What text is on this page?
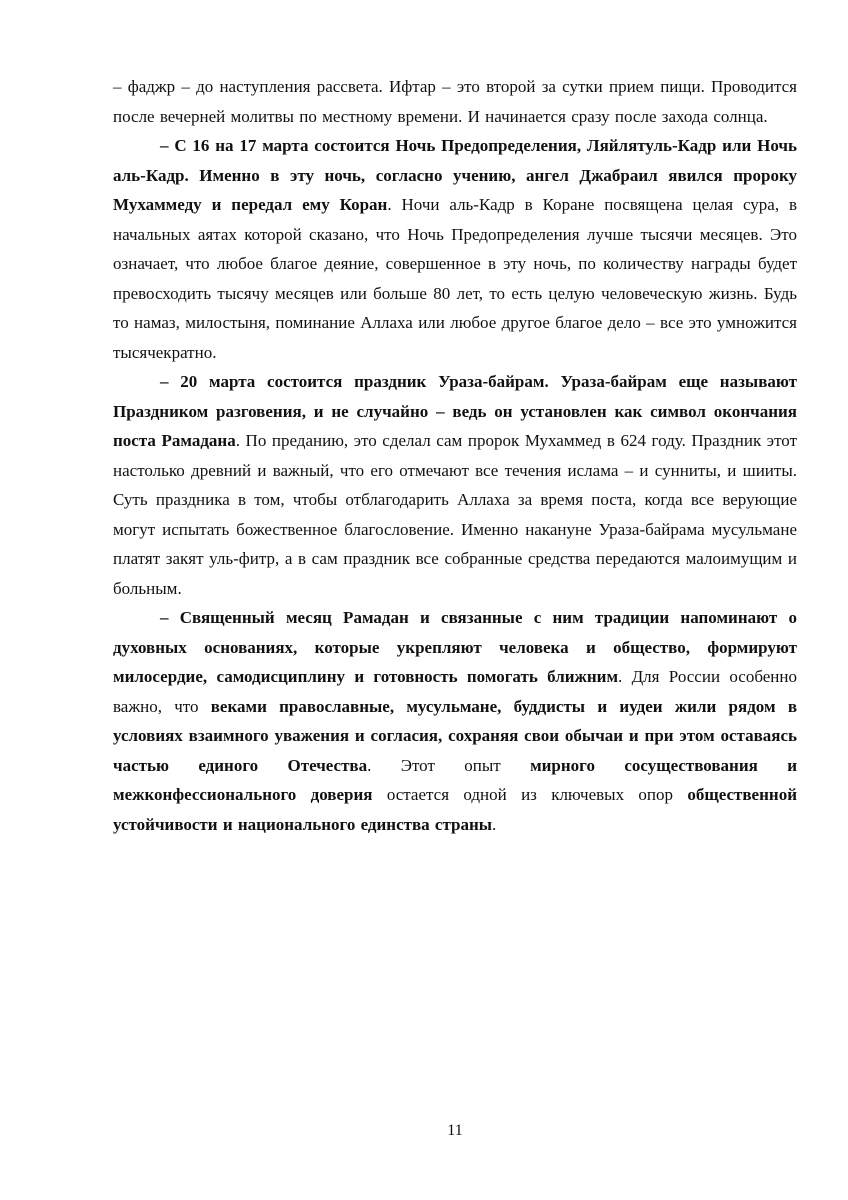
– фаджр – до наступления рассвета. Ифтар – это второй за сутки прием пищи. Проводится после вечерней молитвы по местному времени. И начинается сразу после захода солнца.

– С 16 на 17 марта состоится Ночь Предопределения, Ляйлятуль-Кадр или Ночь аль-Кадр. Именно в эту ночь, согласно учению, ангел Джабраил явился пророку Мухаммеду и передал ему Коран. Ночи аль-Кадр в Коране посвящена целая сура, в начальных аятах которой сказано, что Ночь Предопределения лучше тысячи месяцев. Это означает, что любое благое деяние, совершенное в эту ночь, по количеству награды будет превосходить тысячу месяцев или больше 80 лет, то есть целую человеческую жизнь. Будь то намаз, милостыня, поминание Аллаха или любое другое благое дело – все это умножится тысячекратно.

– 20 марта состоится праздник Ураза-байрам. Ураза-байрам еще называют Праздником разговения, и не случайно – ведь он установлен как символ окончания поста Рамадана. По преданию, это сделал сам пророк Мухаммед в 624 году. Праздник этот настолько древний и важный, что его отмечают все течения ислама – и сунниты, и шииты. Суть праздника в том, чтобы отблагодарить Аллаха за время поста, когда все верующие могут испытать божественное благословение. Именно накануне Ураза-байрама мусульмане платят закят уль-фитр, а в сам праздник все собранные средства передаются малоимущим и больным.

– Священный месяц Рамадан и связанные с ним традиции напоминают о духовных основаниях, которые укрепляют человека и общество, формируют милосердие, самодисциплину и готовность помогать ближним. Для России особенно важно, что веками православные, мусульмане, буддисты и иудеи жили рядом в условиях взаимного уважения и согласия, сохраняя свои обычаи и при этом оставаясь частью единого Отечества. Этот опыт мирного сосуществования и межконфессионального доверия остается одной из ключевых опор общественной устойчивости и национального единства страны.

11
